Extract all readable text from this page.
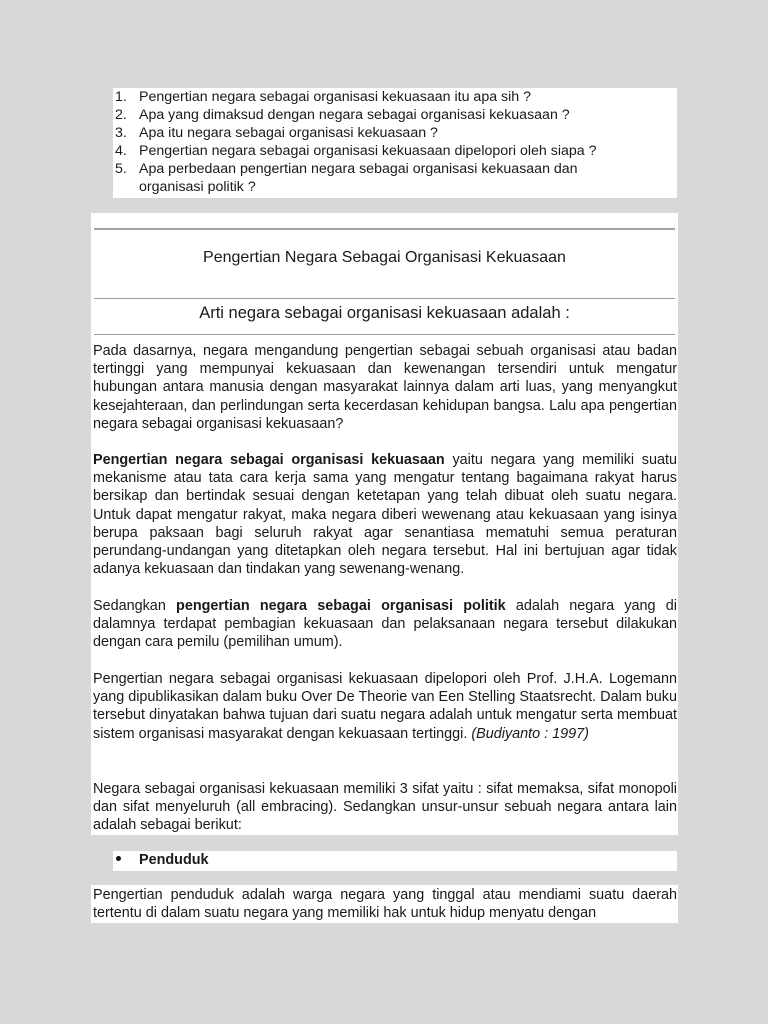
1. Pengertian negara sebagai organisasi kekuasaan itu apa sih ?
2. Apa yang dimaksud dengan negara sebagai organisasi kekuasaan ?
3. Apa itu negara sebagai organisasi kekuasaan ?
4. Pengertian negara sebagai organisasi kekuasaan dipelopori oleh siapa ?
5. Apa perbedaan pengertian negara sebagai organisasi kekuasaan dan organisasi politik ?
Pengertian Negara Sebagai Organisasi Kekuasaan
Arti negara sebagai organisasi kekuasaan adalah :

Pada dasarnya, negara mengandung pengertian sebagai sebuah organisasi atau badan tertinggi yang mempunyai kekuasaan dan kewenangan tersendiri untuk mengatur hubungan antara manusia dengan masyarakat lainnya dalam arti luas, yang menyangkut kesejahteraan, dan perlindungan serta kecerdasan kehidupan bangsa. Lalu apa pengertian negara sebagai organisasi kekuasaan?

Pengertian negara sebagai organisasi kekuasaan yaitu negara yang memiliki suatu mekanisme atau tata cara kerja sama yang mengatur tentang bagaimana rakyat harus bersikap dan bertindak sesuai dengan ketetapan yang telah dibuat oleh suatu negara. Untuk dapat mengatur rakyat, maka negara diberi wewenang atau kekuasaan yang isinya berupa paksaan bagi seluruh rakyat agar senantiasa mematuhi semua peraturan perundang-undangan yang ditetapkan oleh negara tersebut. Hal ini bertujuan agar tidak adanya kekuasaan dan tindakan yang sewenang-wenang.

Sedangkan pengertian negara sebagai organisasi politik adalah negara yang di dalamnya terdapat pembagian kekuasaan dan pelaksanaan negara tersebut dilakukan dengan cara pemilu (pemilihan umum).

Pengertian negara sebagai organisasi kekuasaan dipelopori oleh Prof. J.H.A. Logemann yang dipublikasikan dalam buku Over De Theorie van Een Stelling Staatsrecht. Dalam buku tersebut dinyatakan bahwa tujuan dari suatu negara adalah untuk mengatur serta membuat sistem organisasi masyarakat dengan kekuasaan tertinggi. (Budiyanto : 1997)

Negara sebagai organisasi kekuasaan memiliki 3 sifat yaitu : sifat memaksa, sifat monopoli dan sifat menyeluruh (all embracing). Sedangkan unsur-unsur sebuah negara antara lain adalah sebagai berikut:

Penduduk

Pengertian penduduk adalah warga negara yang tinggal atau mendiami suatu daerah tertentu di dalam suatu negara yang memiliki hak untuk hidup menyatu dengan
